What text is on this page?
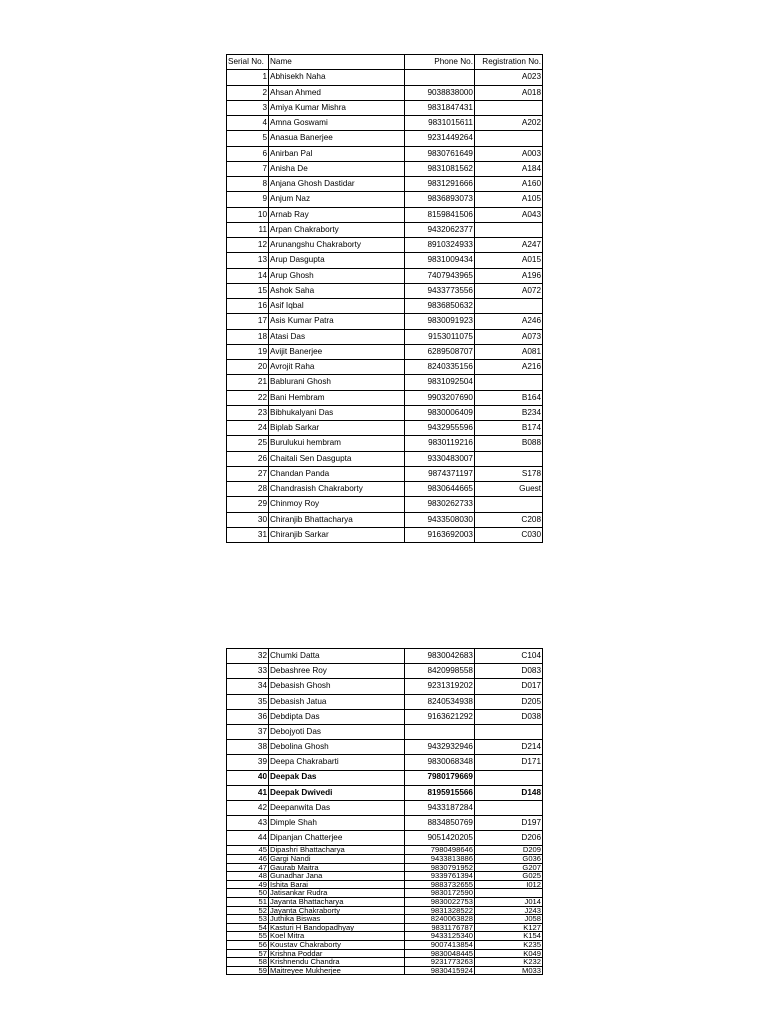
Serial No.	Name	Phone No.	Registration No.
1	Abhisekh Naha		A023
2	Ahsan Ahmed	9038838000	A018
3	Amiya Kumar Mishra	9831847431	
4	Amna Goswami	9831015611	A202
5	Anasua Banerjee	9231449264	
6	Anirban Pal	9830761649	A003
7	Anisha De	9831081562	A184
8	Anjana Ghosh Dastidar	9831291666	A160
9	Anjum Naz	9836893073	A105
10	Arnab Ray	8159841506	A043
11	Arpan Chakraborty	9432062377	
12	Arunangshu Chakraborty	8910324933	A247
13	Arup Dasgupta	9831009434	A015
14	Arup Ghosh	7407943965	A196
15	Ashok Saha	9433773556	A072
16	Asif Iqbal	9836850632	
17	Asis Kumar Patra	9830091923	A246
18	Atasi Das	9153011075	A073
19	Avijit Banerjee	6289508707	A081
20	Avrojit Raha	8240335156	A216
21	Bablurani Ghosh	9831092504	
22	Bani Hembram	9903207690	B164
23	Bibhukalyani Das	9830006409	B234
24	Biplab Sarkar	9432955596	B174
25	Burulukui hembram	9830119216	B088
26	Chaitali Sen Dasgupta	9330483007	
27	Chandan Panda	9874371197	S178
28	Chandrasish Chakraborty	9830644665	Guest
29	Chinmoy Roy	9830262733	
30	Chiranjib Bhattacharya	9433508030	C208
31	Chiranjib Sarkar	9163692003	C030
32	Chumki Datta	9830042683	C104
33	Debashree Roy	8420998558	D083
34	Debasish Ghosh	9231319202	D017
35	Debasish Jatua	8240534938	D205
36	Debdipta Das	9163621292	D038
37	Debojyoti Das		
38	Debolina Ghosh	9432932946	D214
39	Deepa Chakrabarti	9830068348	D171
40	Deepak Das	7980179669	
41	Deepak Dwivedi	8195915566	D148
42	Deepanwita Das	9433187284	
43	Dimple Shah	8834850769	D197
44	Dipanjan Chatterjee	9051420205	D206
45	Dipashri Bhattacharya	7980498646	D209
46	Gargi Nandi	9433813886	G036
47	Gaurab Maitra	9830791952	G207
48	Gunadhar Jana	9339761394	G025
49	Ishita Barai	9883732655	I012
50	Jatisankar Rudra	9830172590	
51	Jayanta Bhattacharya	9830022753	J014
52	Jayanta Chakraborty	9831328522	J243
53	Juthika Biswas	8240063828	J058
54	Kasturi H Bandopadhyay	9831176787	K127
55	Koel Mitra	9433125340	K154
56	Koustav Chakraborty	9007413854	K235
57	Krishna Poddar	9830048445	K049
58	Krishnendu Chandra	9231773263	K232
59	Maitreyee Mukherjee	9830415924	M033
